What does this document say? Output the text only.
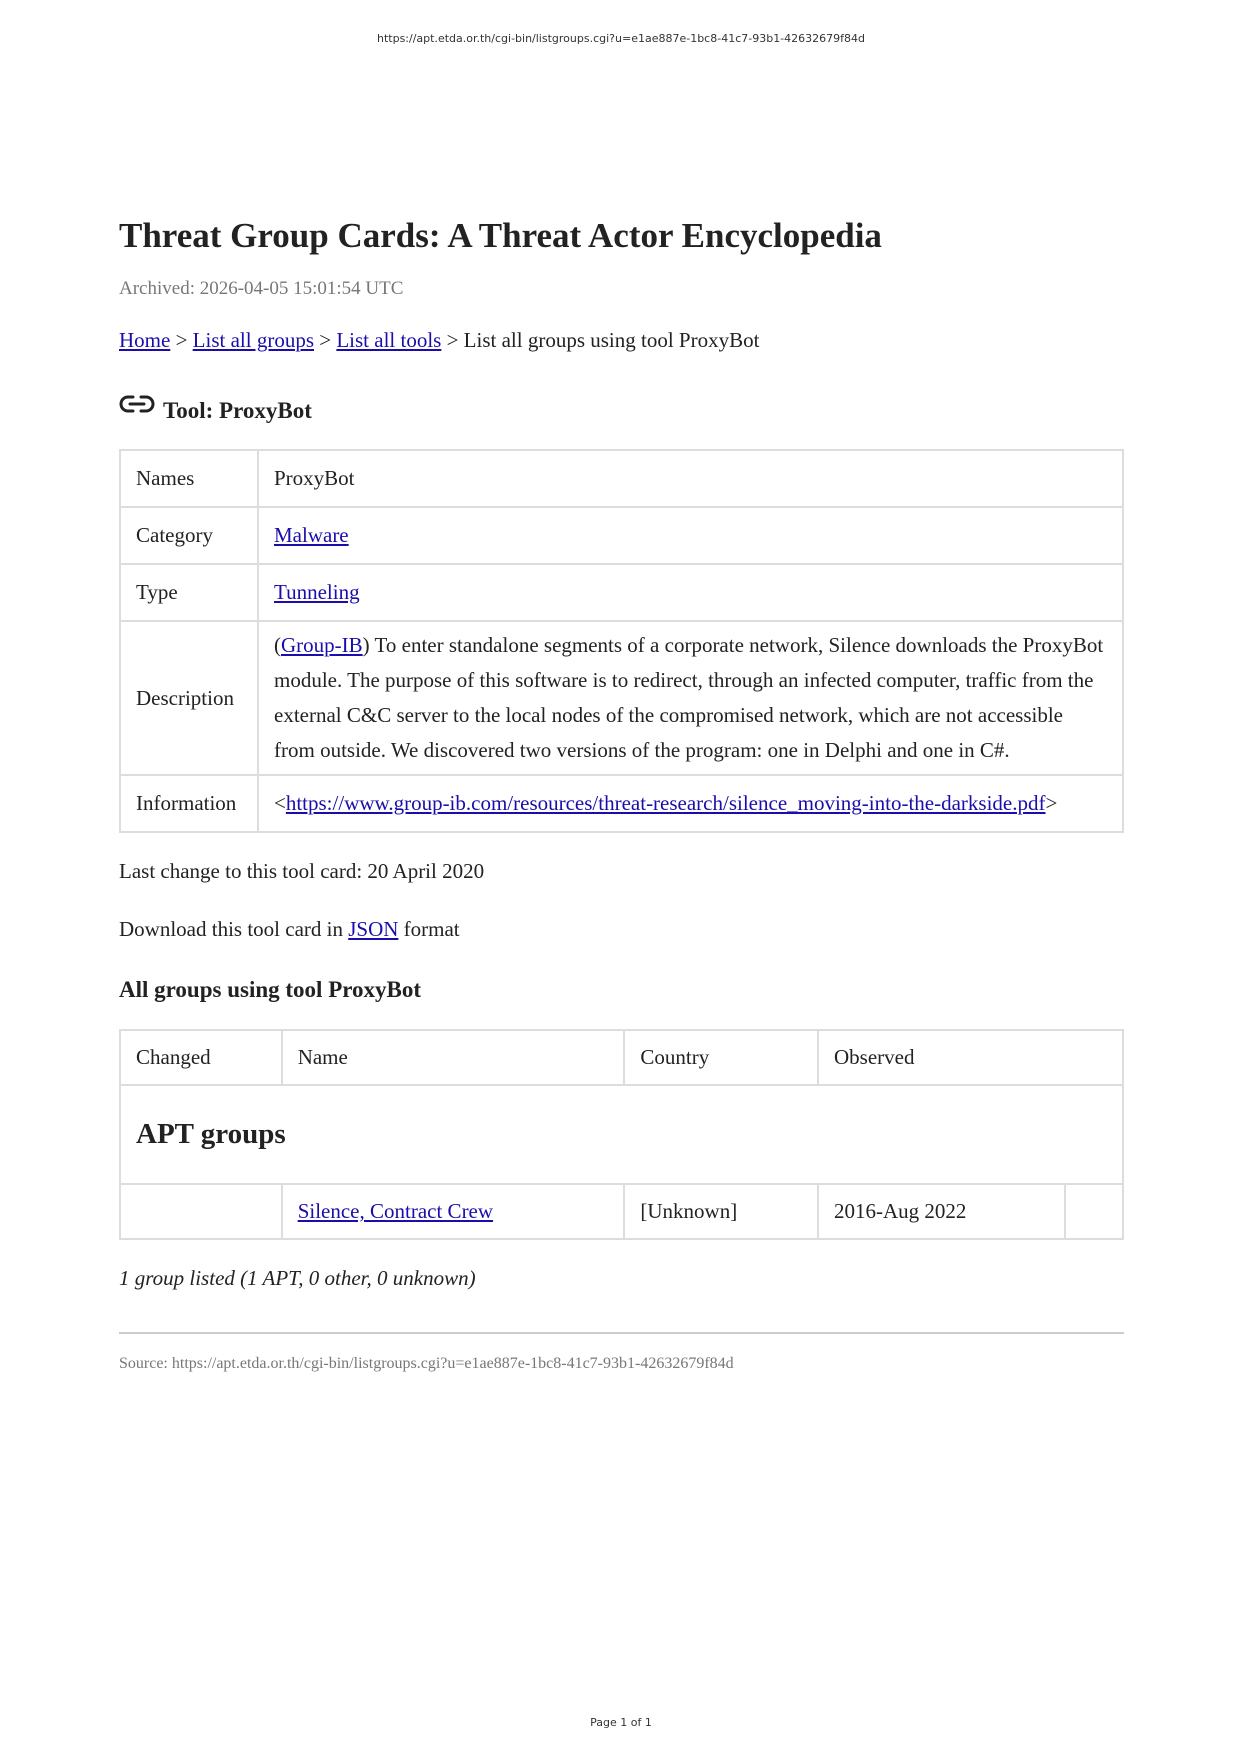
https://apt.etda.or.th/cgi-bin/listgroups.cgi?u=e1ae887e-1bc8-41c7-93b1-42632679f84d
Threat Group Cards: A Threat Actor Encyclopedia
Archived: 2026-04-05 15:01:54 UTC
Home > List all groups > List all tools > List all groups using tool ProxyBot
Tool: ProxyBot
Names	ProxyBot
Category	Malware
Type	Tunneling
Description	(Group-IB) To enter standalone segments of a corporate network, Silence downloads the ProxyBot module. The purpose of this software is to redirect, through an infected computer, traffic from the external C&C server to the local nodes of the compromised network, which are not accessible from outside. We discovered two versions of the program: one in Delphi and one in C#.
Information	<https://www.group-ib.com/resources/threat-research/silence_moving-into-the-darkside.pdf>
Last change to this tool card: 20 April 2020
Download this tool card in JSON format
All groups using tool ProxyBot
Changed	Name	Country	Observed	
APT groups				
	Silence, Contract Crew	[Unknown]	2016-Aug 2022	
1 group listed (1 APT, 0 other, 0 unknown)
Source: https://apt.etda.or.th/cgi-bin/listgroups.cgi?u=e1ae887e-1bc8-41c7-93b1-42632679f84d
Page 1 of 1
